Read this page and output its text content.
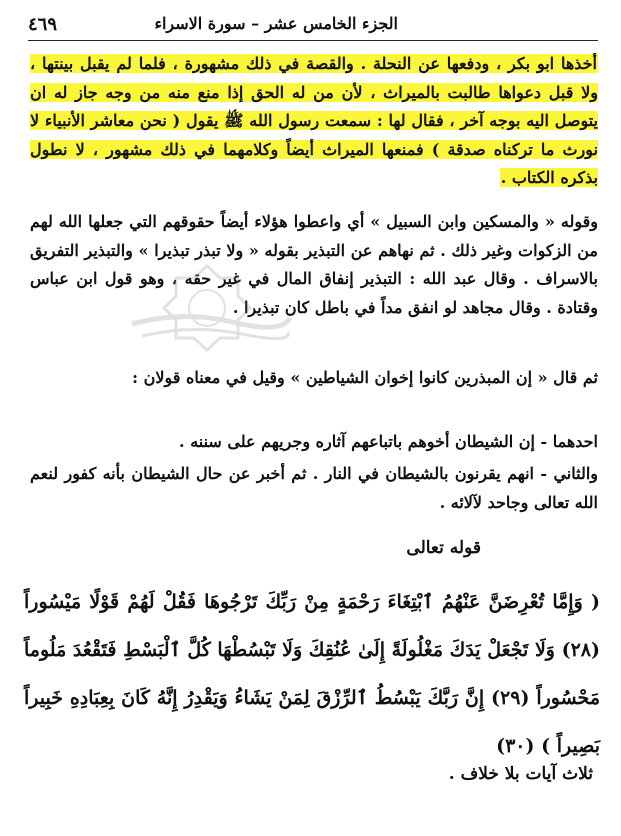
الجزء الخامس عشر – سورة الاسراء
٤٦٩

أخذها ابو بكر ، ودفعها عن النحلة . والقصة في ذلك مشهورة ، فلما لم يقبل بينتها ، ولا قبل دعواها طالبت بالميراث ، لأن من له الحق إذا منع منه من وجه جاز له ان يتوصل اليه بوجه آخر ، فقال لها : سمعت رسول الله ﷺ يقول ( نحن معاشر الأنبياء لا نورث ما تركناه صدقة ) فمنعها الميراث أيضاً وكلامهما في ذلك مشهور ، لا نطول بذكره الكتاب .

وقوله « والمسكين وابن السبيل » أي واعطوا هؤلاء أيضاً حقوقهم التي جعلها الله لهم من الزكوات وغير ذلك . ثم نهاهم عن التبذير بقوله « ولا تبذر تبذيرا » والتبذير التفريق بالاسراف . وقال عبد الله : التبذير إنفاق المال في غير حقه ، وهو قول ابن عباس وقتادة . وقال مجاهد لو انفق مداً في باطل كان تبذيرا .

ثم قال « إن المبذرين كانوا إخوان الشياطين » وقيل في معناه قولان :

احدهما - إن الشيطان أخوهم باتباعهم آثاره وجريهم على سننه .

والثاني - انهم يقرنون بالشيطان في النار . ثم أخبر عن حال الشيطان بأنه كفور لنعم الله تعالى وجاحد لآلائه .

قوله تعالى
( وَإِمَّا تُعْرِضَنَّ عَنْهُمُ ٱبْتِغَاءَ رَحْمَةٍ مِنْ رَبِّكَ تَرْجُوهَا فَقُلْ لَهُمْ قَوْلًا مَيْسُوراً (٢٨) وَلَا تَجْعَلْ يَدَكَ مَغْلُولَةً إِلَىٰ عُنُقِكَ وَلَا تَبْسُطْهَا كُلَّ ٱلْبَسْطِ فَتَقْعُدَ مَلُوماً مَحْسُوراً (٢٩) إِنَّ رَبَّكَ يَبْسُطُ ٱلرِّزْقَ لِمَنْ يَشَاءُ وَيَقْدِرُ إِنَّهُ كَانَ بِعِبَادِهِ خَبِيراً بَصِيراً ) (٣٠)
ثلاث آيات بلا خلاف .
